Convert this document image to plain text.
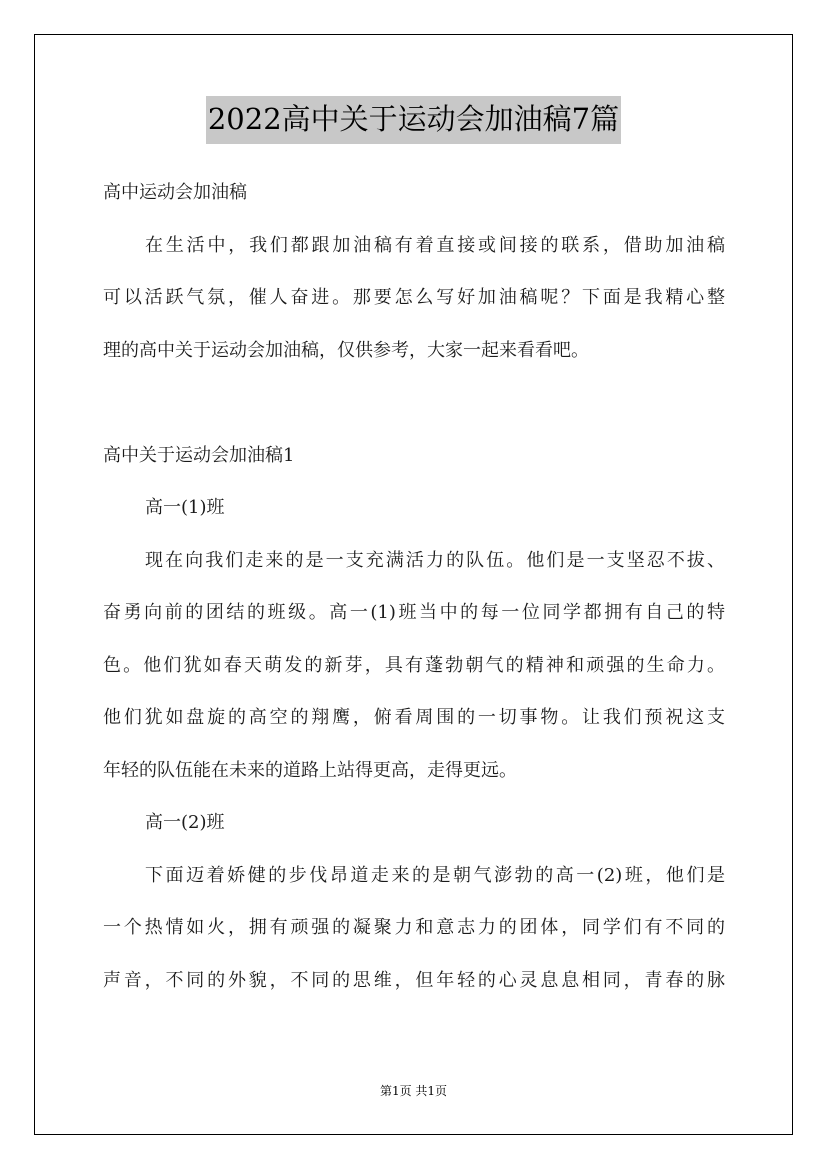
2022高中关于运动会加油稿7篇
高中运动会加油稿
在生活中，我们都跟加油稿有着直接或间接的联系，借助加油稿
可以活跃气氛，催人奋进。那要怎么写好加油稿呢？下面是我精心整
理的高中关于运动会加油稿，仅供参考，大家一起来看看吧。
高中关于运动会加油稿1
高一(1)班
现在向我们走来的是一支充满活力的队伍。他们是一支坚忍不拔、
奋勇向前的团结的班级。高一(1)班当中的每一位同学都拥有自己的特
色。他们犹如春天萌发的新芽，具有蓬勃朝气的精神和顽强的生命力。
他们犹如盘旋的高空的翔鹰，俯看周围的一切事物。让我们预祝这支
年轻的队伍能在未来的道路上站得更高，走得更远。
高一(2)班
下面迈着娇健的步伐昂道走来的是朝气澎勃的高一(2)班，他们是
一个热情如火，拥有顽强的凝聚力和意志力的团体，同学们有不同的
声音，不同的外貌，不同的思维，但年轻的心灵息息相同，青春的脉
第1页 共1页
